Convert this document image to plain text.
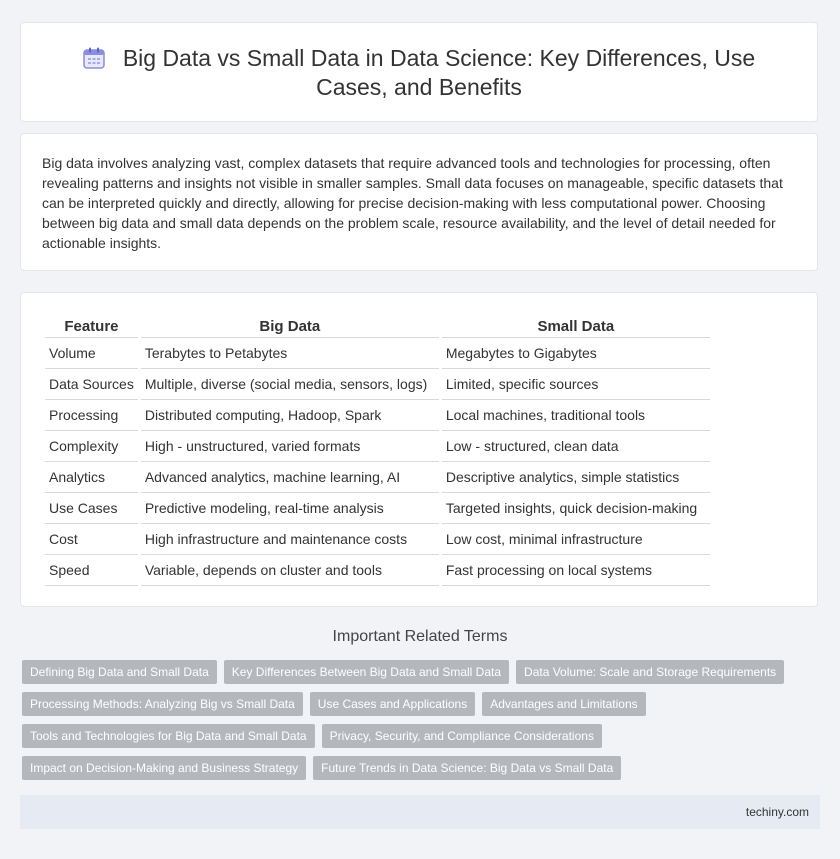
Big Data vs Small Data in Data Science: Key Differences, Use Cases, and Benefits

Big data involves analyzing vast, complex datasets that require advanced tools and technologies for processing, often revealing patterns and insights not visible in smaller samples. Small data focuses on manageable, specific datasets that can be interpreted quickly and directly, allowing for precise decision-making with less computational power. Choosing between big data and small data depends on the problem scale, resource availability, and the level of detail needed for actionable insights.

Feature	Big Data	Small Data
Volume	Terabytes to Petabytes	Megabytes to Gigabytes
Data Sources	Multiple, diverse (social media, sensors, logs)	Limited, specific sources
Processing	Distributed computing, Hadoop, Spark	Local machines, traditional tools
Complexity	High - unstructured, varied formats	Low - structured, clean data
Analytics	Advanced analytics, machine learning, AI	Descriptive analytics, simple statistics
Use Cases	Predictive modeling, real-time analysis	Targeted insights, quick decision-making
Cost	High infrastructure and maintenance costs	Low cost, minimal infrastructure
Speed	Variable, depends on cluster and tools	Fast processing on local systems
Important Related Terms
Defining Big Data and Small Data	Key Differences Between Big Data and Small Data	Data Volume: Scale and Storage Requirements
Processing Methods: Analyzing Big vs Small Data	Use Cases and Applications	Advantages and Limitations
Tools and Technologies for Big Data and Small Data	Privacy, Security, and Compliance Considerations
Impact on Decision-Making and Business Strategy	Future Trends in Data Science: Big Data vs Small Data
techiny.com
